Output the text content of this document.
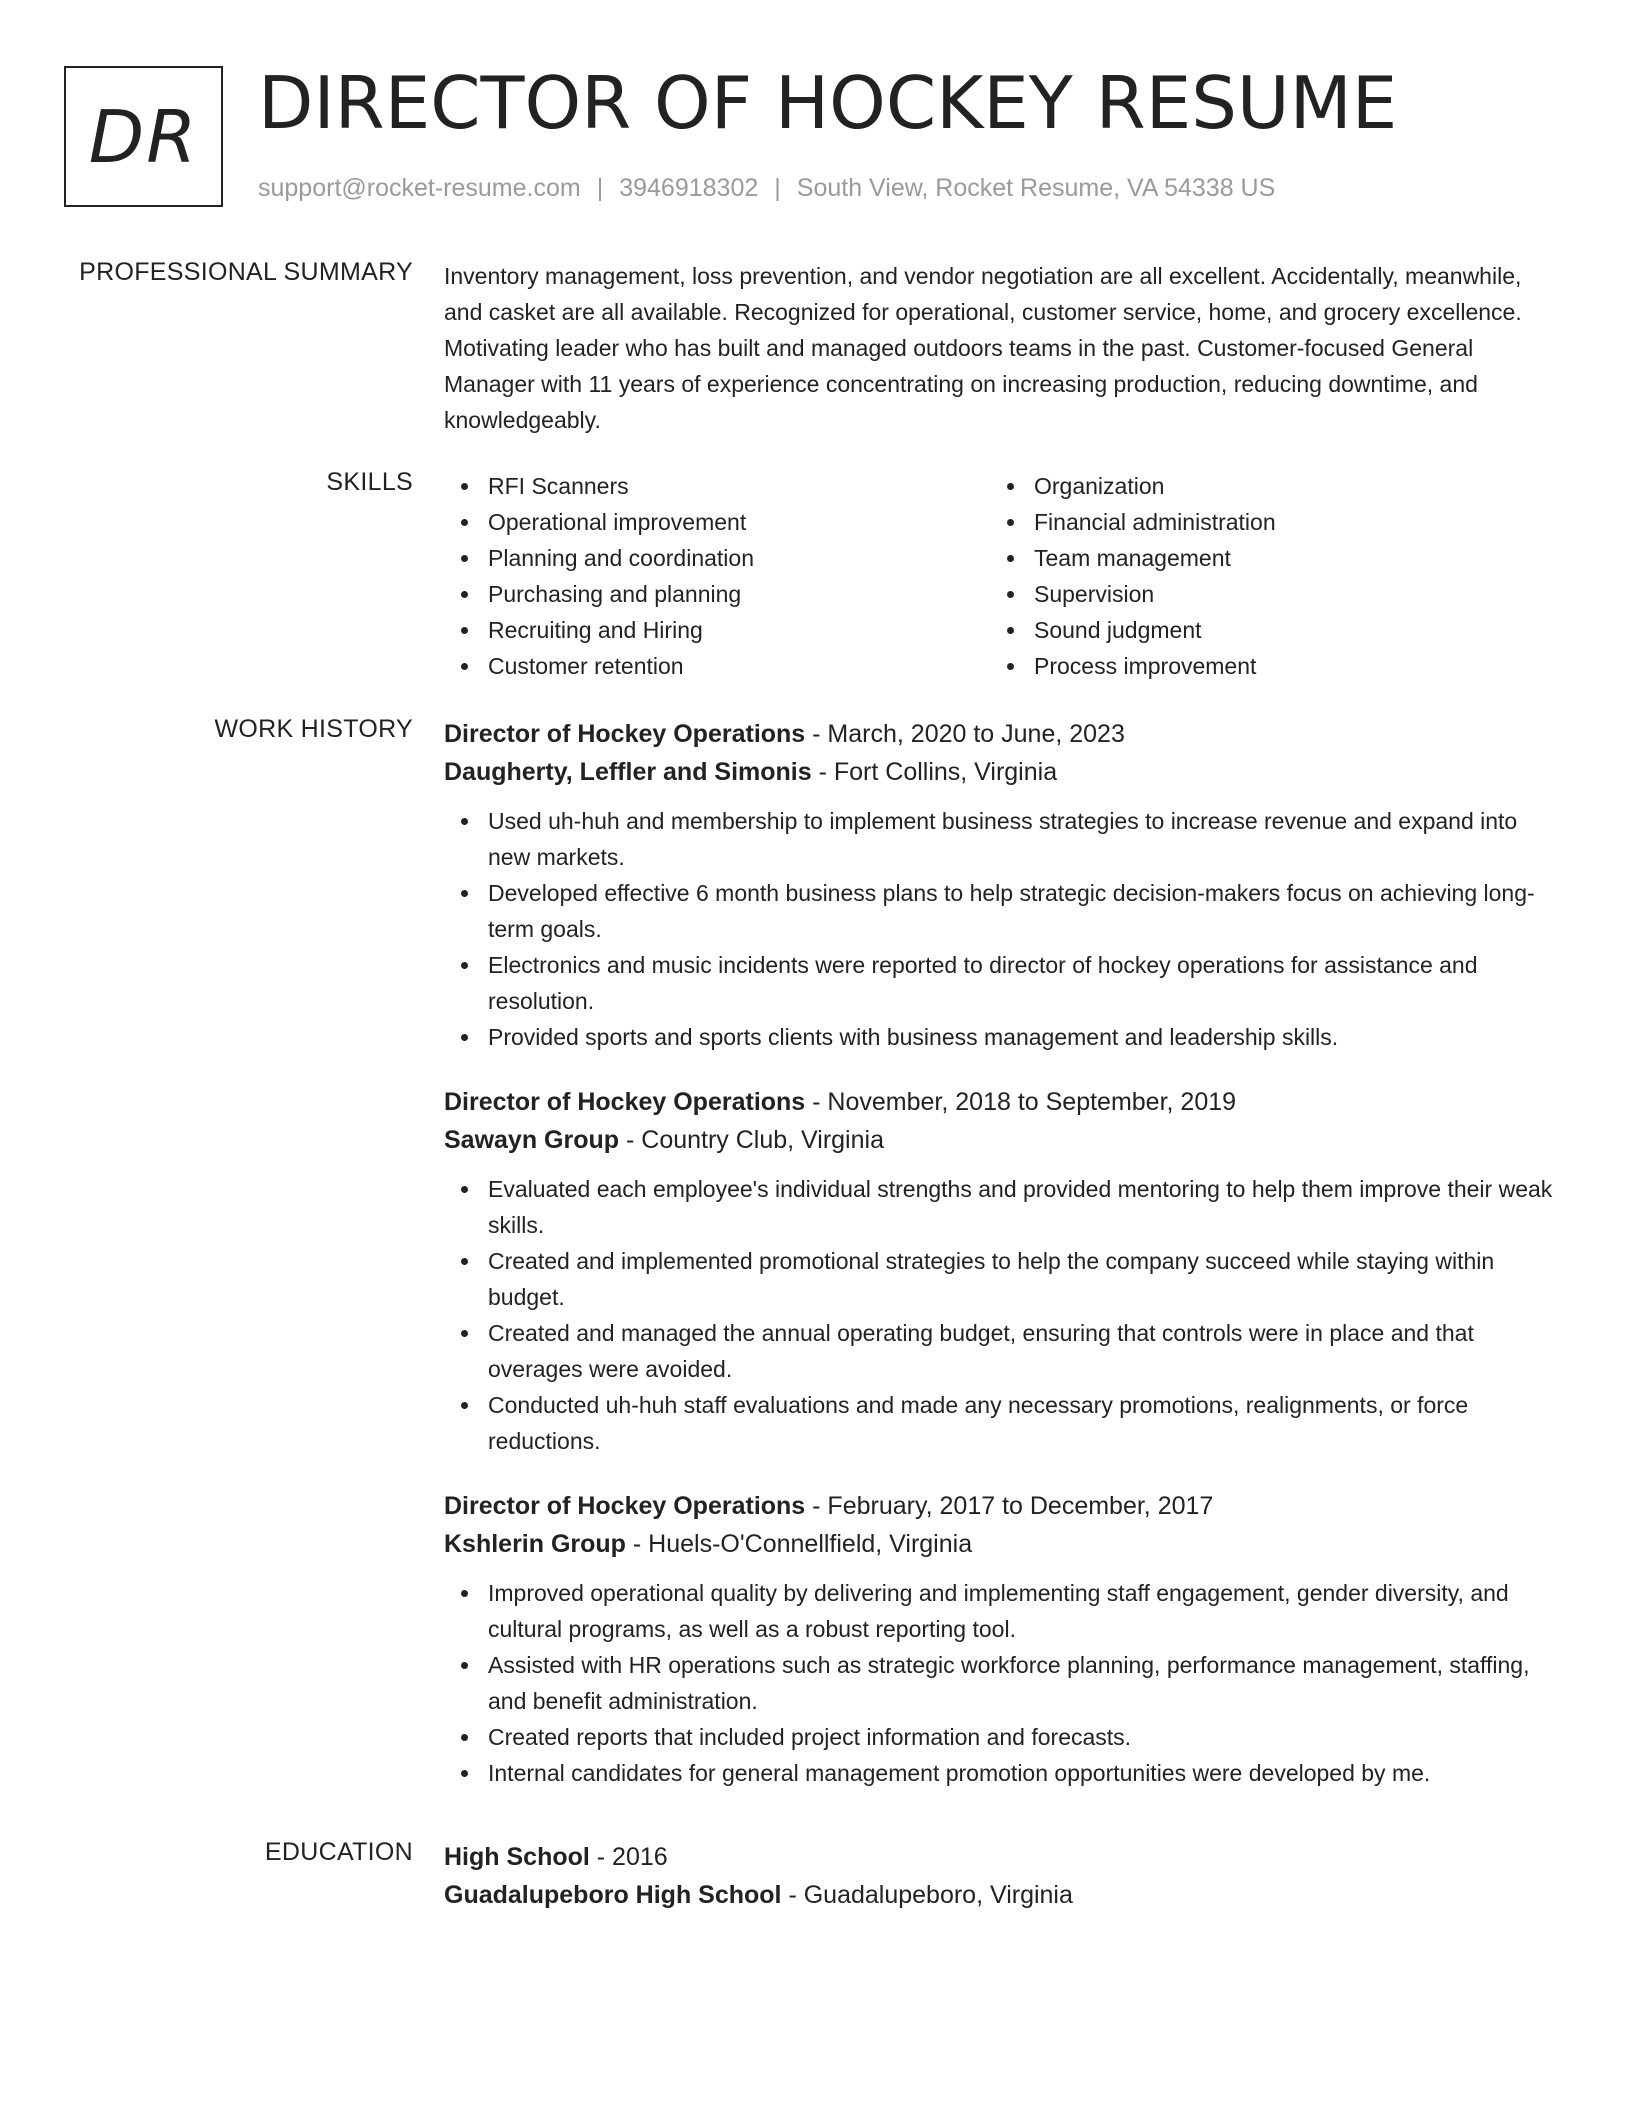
DR DIRECTOR OF HOCKEY RESUME
support@rocket-resume.com | 3946918302 | South View, Rocket Resume, VA 54338 US
PROFESSIONAL SUMMARY Inventory management, loss prevention, and vendor negotiation are all excellent. Accidentally, meanwhile, and casket are all available. Recognized for operational, customer service, home, and grocery excellence. Motivating leader who has built and managed outdoors teams in the past. Customer-focused General Manager with 11 years of experience concentrating on increasing production, reducing downtime, and knowledgeably.

SKILLS	RFI Scanners
Operational improvement
Planning and coordination
Purchasing and planning
Recruiting and Hiring
Customer retention
Organization
Financial administration
Team management
Supervision
Sound judgment
Process improvement
WORK HISTORY Director of Hockey Operations - March, 2020 to June, 2023
Daugherty, Leffler and Simonis - Fort Collins, Virginia
Used uh-huh and membership to implement business strategies to increase revenue and expand into new markets.
Developed effective 6 month business plans to help strategic decision-makers focus on achieving long-term goals.
Electronics and music incidents were reported to director of hockey operations for assistance and resolution.
Provided sports and sports clients with business management and leadership skills.
Director of Hockey Operations - November, 2018 to September, 2019
Sawayn Group - Country Club, Virginia
Evaluated each employee's individual strengths and provided mentoring to help them improve their weak skills.
Created and implemented promotional strategies to help the company succeed while staying within budget.
Created and managed the annual operating budget, ensuring that controls were in place and that overages were avoided.
Conducted uh-huh staff evaluations and made any necessary promotions, realignments, or force reductions.
Director of Hockey Operations - February, 2017 to December, 2017
Kshlerin Group - Huels-O'Connellfield, Virginia
Improved operational quality by delivering and implementing staff engagement, gender diversity, and cultural programs, as well as a robust reporting tool.
Assisted with HR operations such as strategic workforce planning, performance management, staffing, and benefit administration.
Created reports that included project information and forecasts.
Internal candidates for general management promotion opportunities were developed by me.
EDUCATION High School - 2016
Guadalupeboro High School - Guadalupeboro, Virginia
